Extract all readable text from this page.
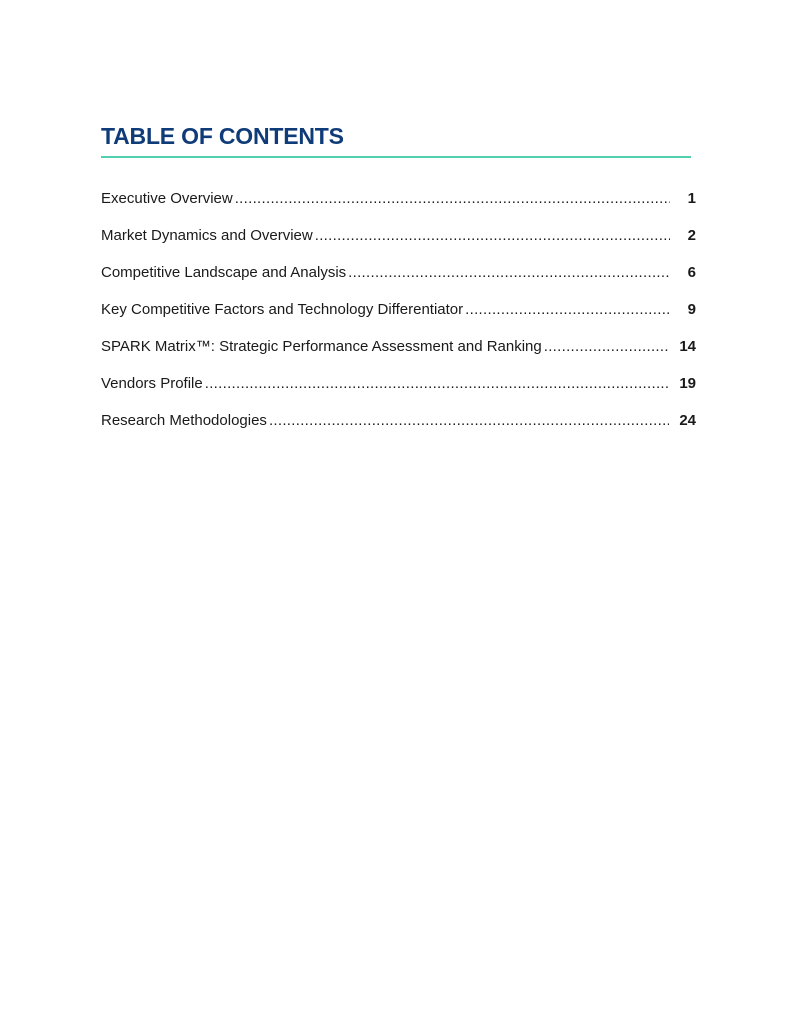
TABLE OF CONTENTS
Executive Overview .....	1
Market Dynamics and Overview .....	2
Competitive Landscape and Analysis .....	6
Key Competitive Factors and Technology Differentiator .....	9
SPARK Matrix™: Strategic Performance Assessment and Ranking .....	14
Vendors Profile .....	19
Research Methodologies .....	24
